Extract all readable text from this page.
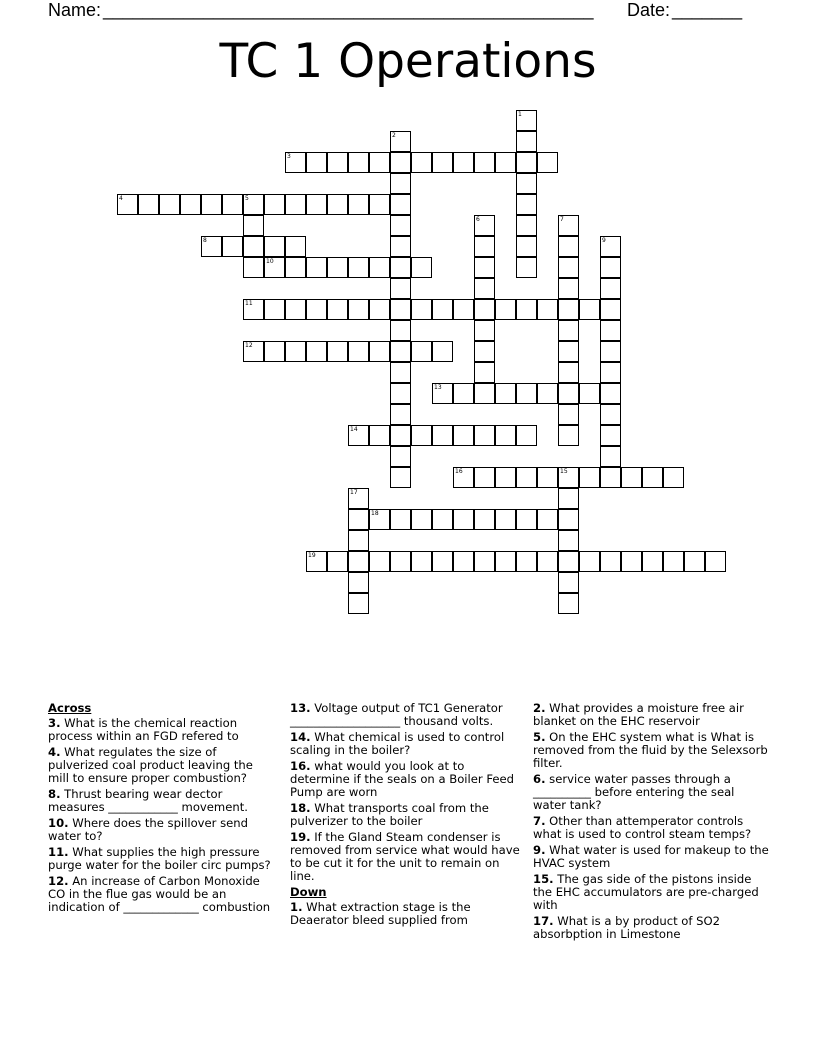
Name: _________________________________________________ Date: _______
TC 1 Operations
3
4	5
8
10
11
12
13
14
16	15
18
19
1
2
6	7
9
17
Across
3. What is the chemical reaction process within an FGD refered to
4. What regulates the size of pulverized coal product leaving the mill to ensure proper combustion?
8. Thrust bearing wear dector measures ____________ movement.
10. Where does the spillover send water to?
11. What supplies the high pressure purge water for the boiler circ pumps?
12. An increase of Carbon Monoxide CO in the flue gas would be an indication of _____________ combustion
13. Voltage output of TC1 Generator ___________________ thousand volts.
14. What chemical is used to control scaling in the boiler?
16. what would you look at to determine if the seals on a Boiler Feed Pump are worn
18. What transports coal from the pulverizer to the boiler
19. If the Gland Steam condenser is removed from service what would have to be cut it for the unit to remain on line.
Down
1. What extraction stage is the Deaerator bleed supplied from
2. What provides a moisture free air blanket on the EHC reservoir
5. On the EHC system what is What is removed from the fluid by the Selexsorb filter.
6. service water passes through a __________ before entering the seal water tank?
7. Other than attemperator controls what is used to control steam temps?
9. What water is used for makeup to the HVAC system
15. The gas side of the pistons inside the EHC accumulators are pre-charged with
17. What is a by product of SO2 absorbption in Limestone
